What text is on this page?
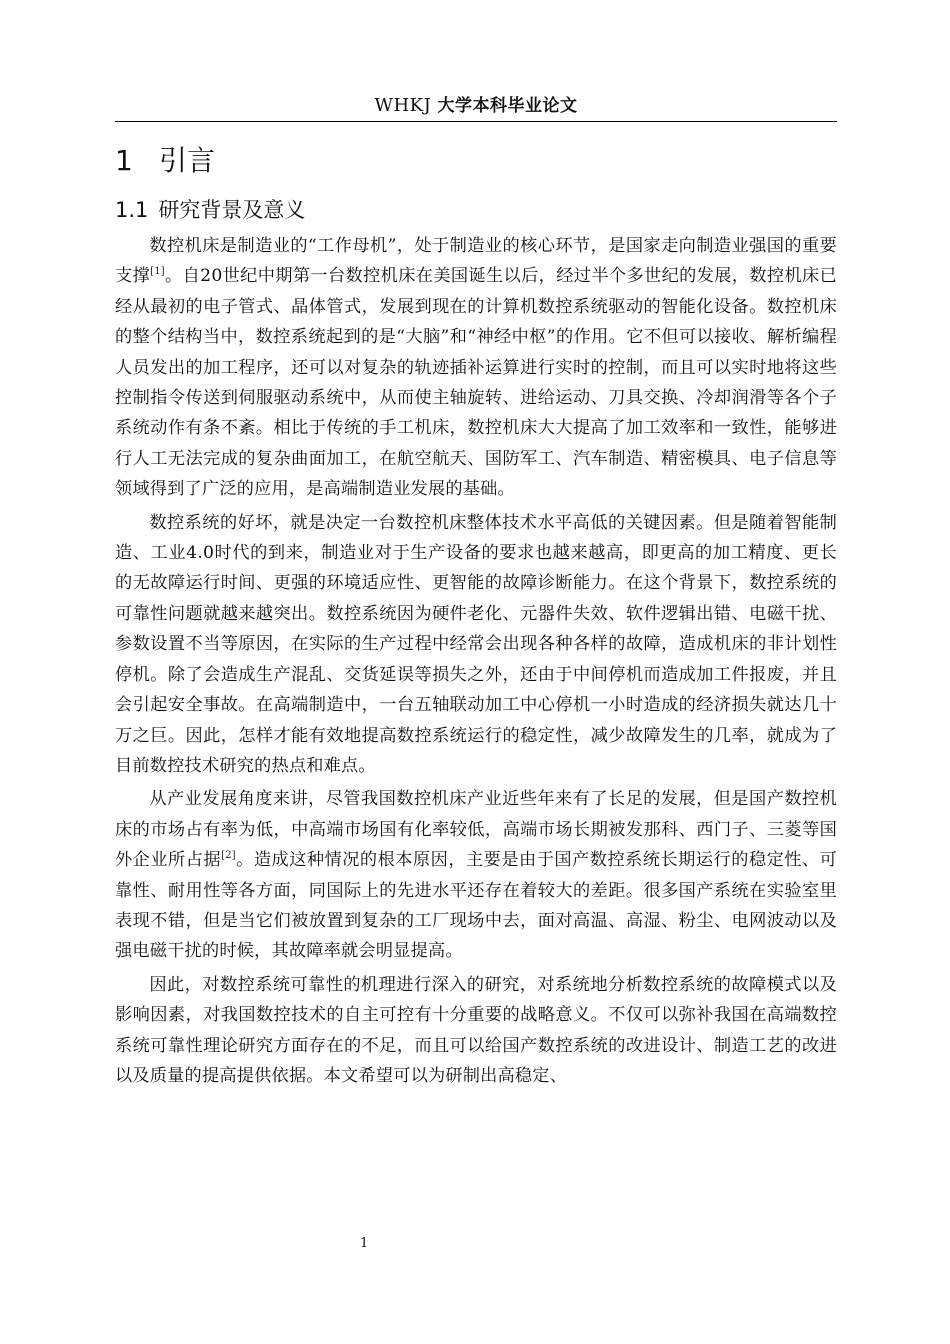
WHKJ 大学本科毕业论文
1 引言
1.1 研究背景及意义

数控机床是制造业的“工作母机”，处于制造业的核心环节，是国家走向制造业强国的重要支撑[1]。自20世纪中期第一台数控机床在美国诞生以后，经过半个多世纪的发展，数控机床已经从最初的电子管式、晶体管式，发展到现在的计算机数控系统驱动的智能化设备。数控机床的整个结构当中，数控系统起到的是“大脑”和“神经中枢”的作用。它不但可以接收、解析编程人员发出的加工程序，还可以对复杂的轨迹插补运算进行实时的控制，而且可以实时地将这些控制指令传送到伺服驱动系统中，从而使主轴旋转、进给运动、刀具交换、冷却润滑等各个子系统动作有条不紊。相比于传统的手工机床，数控机床大大提高了加工效率和一致性，能够进行人工无法完成的复杂曲面加工，在航空航天、国防军工、汽车制造、精密模具、电子信息等领域得到了广泛的应用，是高端制造业发展的基础。

数控系统的好坏，就是决定一台数控机床整体技术水平高低的关键因素。但是随着智能制造、工业4.0时代的到来，制造业对于生产设备的要求也越来越高，即更高的加工精度、更长的无故障运行时间、更强的环境适应性、更智能的故障诊断能力。在这个背景下，数控系统的可靠性问题就越来越突出。数控系统因为硬件老化、元器件失效、软件逻辑出错、电磁干扰、参数设置不当等原因，在实际的生产过程中经常会出现各种各样的故障，造成机床的非计划性停机。除了会造成生产混乱、交货延误等损失之外，还由于中间停机而造成加工件报废，并且会引起安全事故。在高端制造中，一台五轴联动加工中心停机一小时造成的经济损失就达几十万之巨。因此，怎样才能有效地提高数控系统运行的稳定性，减少故障发生的几率，就成为了目前数控技术研究的热点和难点。

从产业发展角度来讲，尽管我国数控机床产业近些年来有了长足的发展，但是国产数控机床的市场占有率为低，中高端市场国有化率较低，高端市场长期被发那科、西门子、三菱等国外企业所占据[2]。造成这种情况的根本原因，主要是由于国产数控系统长期运行的稳定性、可靠性、耐用性等各方面，同国际上的先进水平还存在着较大的差距。很多国产系统在实验室里表现不错，但是当它们被放置到复杂的工厂现场中去，面对高温、高湿、粉尘、电网波动以及强电磁干扰的时候，其故障率就会明显提高。

因此，对数控系统可靠性的机理进行深入的研究，对系统地分析数控系统的故障模式以及影响因素，对我国数控技术的自主可控有十分重要的战略意义。不仅可以弥补我国在高端数控系统可靠性理论研究方面存在的不足，而且可以给国产数控系统的改进设计、制造工艺的改进以及质量的提高提供依据。本文希望可以为研制出高稳定、

1
